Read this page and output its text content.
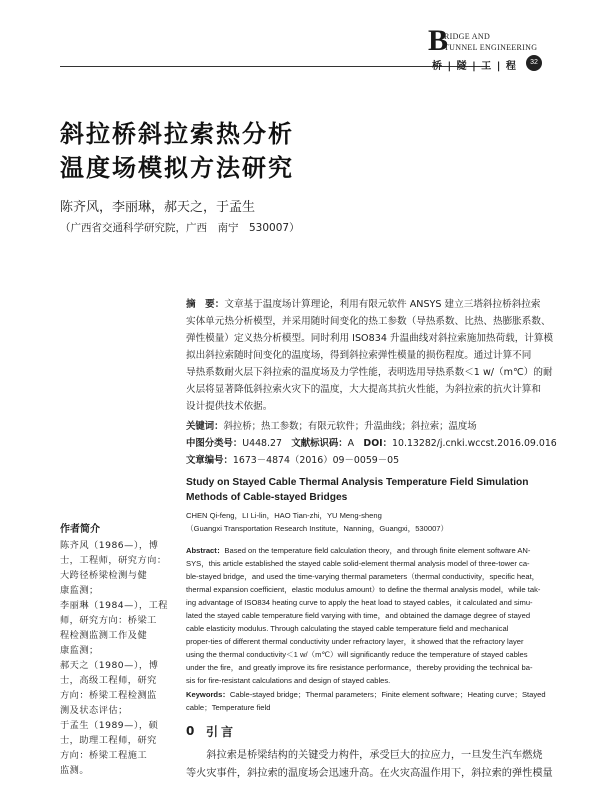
B
RIDGE AND
TUNNEL ENGINEERING
桥 | 隧 | 工 | 程	32
斜拉桥斜拉索热分析
温度场模拟方法研究
陈齐风，李丽琳，郝天之，于孟生
（广西省交通科学研究院，广西　南宁　530007）
摘　要：文章基于温度场计算理论，利用有限元软件 ANSYS 建立三塔斜拉桥斜拉索
实体单元热分析模型，并采用随时间变化的热工参数（导热系数、比热、热膨胀系数、
弹性模量）定义热分析模型。同时利用 ISO834 升温曲线对斜拉索施加热荷载，计算模
拟出斜拉索随时间变化的温度场，得到斜拉索弹性模量的损伤程度。通过计算不同
导热系数耐火层下斜拉索的温度场及力学性能，表明选用导热系数＜1 w/（m℃）的耐
火层将显著降低斜拉索火灾下的温度，大大提高其抗火性能，为斜拉索的抗火计算和
设计提供技术依据。
关键词：斜拉桥；热工参数；有限元软件；升温曲线；斜拉索；温度场
中图分类号：U448.27　 文献标识码：A　 DOI：10.13282/j.cnki.wccst.2016.09.016
文章编号：1673－4874（2016）09－0059－05
Study on Stayed Cable Thermal Analysis Temperature Field Simulation
Methods of Cable-stayed Bridges
CHEN Qi-feng，LI Li-lin，HAO Tian-zhi，YU Meng-sheng
（Guangxi Transportation Research Institute，Nanning，Guangxi，530007）
Abstract：Based on the temperature field calculation theory，and through finite element software AN-
SYS，this article established the stayed cable solid-element thermal analysis model of three-tower ca-
ble-stayed bridge，and used the time-varying thermal parameters（thermal conductivity，specific heat，
thermal expansion coefficient，elastic modulus amount）to define the thermal analysis model，while tak-
ing advantage of ISO834 heating curve to apply the heat load to stayed cables，it calculated and simu-
lated the stayed cable temperature field varying with time，and obtained the damage degree of stayed
cable elasticity modulus. Through calculating the stayed cable temperature field and mechanical
proper-ties of different thermal conductivity under refractory layer，it showed that the refractory layer
using the thermal conductivity＜1 w/（m℃）will significantly reduce the temperature of stayed cables
under the fire，and greatly improve its fire resistance performance，thereby providing the technical ba-
sis for fire-resistant calculations and design of stayed cables.
Keywords：Cable-stayed bridge；Thermal parameters；Finite element software；Heating curve；Stayed
cable；Temperature field
作者简介
陈齐风（1986—），博
士，工程师，研究方向：
大跨径桥梁检测与健
康监测；
李丽琳（1984—），工程
师，研究方向：桥梁工
程检测监测工作及健
康监测；
郝天之（1980—），博
士，高级工程师，研究
方向：桥梁工程检测监
测及状态评估；
于孟生（1989—），硕
士，助理工程师，研究
方向：桥梁工程施工
监测。
0 引言
　　斜拉索是桥梁结构的关键受力构件，承受巨大的拉应力，一旦发生汽车燃烧
等火灾事件，斜拉索的温度场会迅速升高。在火灾高温作用下，斜拉索的弹性模量
